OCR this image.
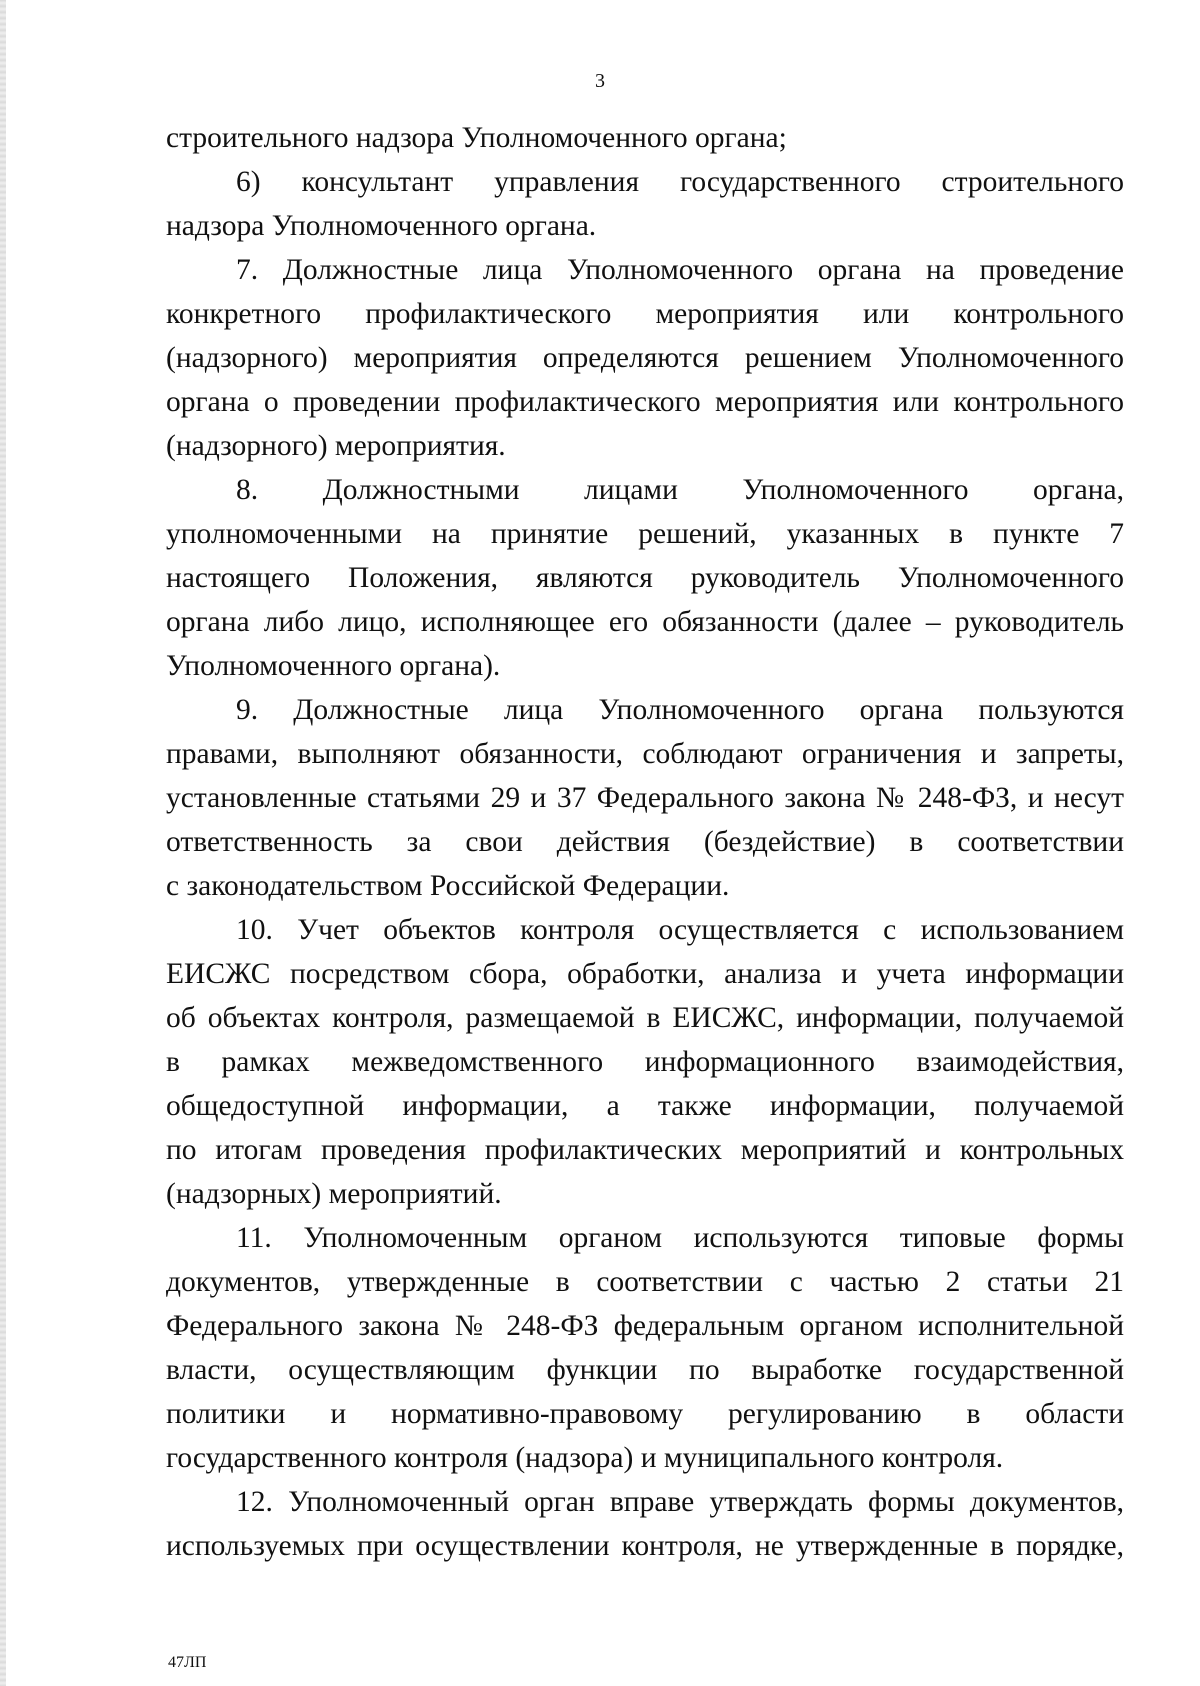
3
строительного надзора Уполномоченного органа;
6) консультант управления государственного строительного
надзора Уполномоченного органа.
7. Должностные лица Уполномоченного органа на проведение
конкретного профилактического мероприятия или контрольного
(надзорного) мероприятия определяются решением Уполномоченного
органа о проведении профилактического мероприятия или контрольного
(надзорного) мероприятия.
8. Должностными лицами Уполномоченного органа,
уполномоченными на принятие решений, указанных в пункте 7
настоящего Положения, являются руководитель Уполномоченного
органа либо лицо, исполняющее его обязанности (далее – руководитель
Уполномоченного органа).
9. Должностные лица Уполномоченного органа пользуются
правами, выполняют обязанности, соблюдают ограничения и запреты,
установленные статьями 29 и 37 Федерального закона № 248-ФЗ, и несут
ответственность за свои действия (бездействие) в соответствии
с законодательством Российской Федерации.
10. Учет объектов контроля осуществляется с использованием
ЕИСЖС посредством сбора, обработки, анализа и учета информации
об объектах контроля, размещаемой в ЕИСЖС, информации, получаемой
в рамках межведомственного информационного взаимодействия,
общедоступной информации, а также информации, получаемой
по итогам проведения профилактических мероприятий и контрольных
(надзорных) мероприятий.
11. Уполномоченным органом используются типовые формы
документов, утвержденные в соответствии с частью 2 статьи 21
Федерального закона № 248-ФЗ федеральным органом исполнительной
власти, осуществляющим функции по выработке государственной
политики и нормативно-правовому регулированию в области
государственного контроля (надзора) и муниципального контроля.
12. Уполномоченный орган вправе утверждать формы документов,
используемых при осуществлении контроля, не утвержденные в порядке,
47ЛП
